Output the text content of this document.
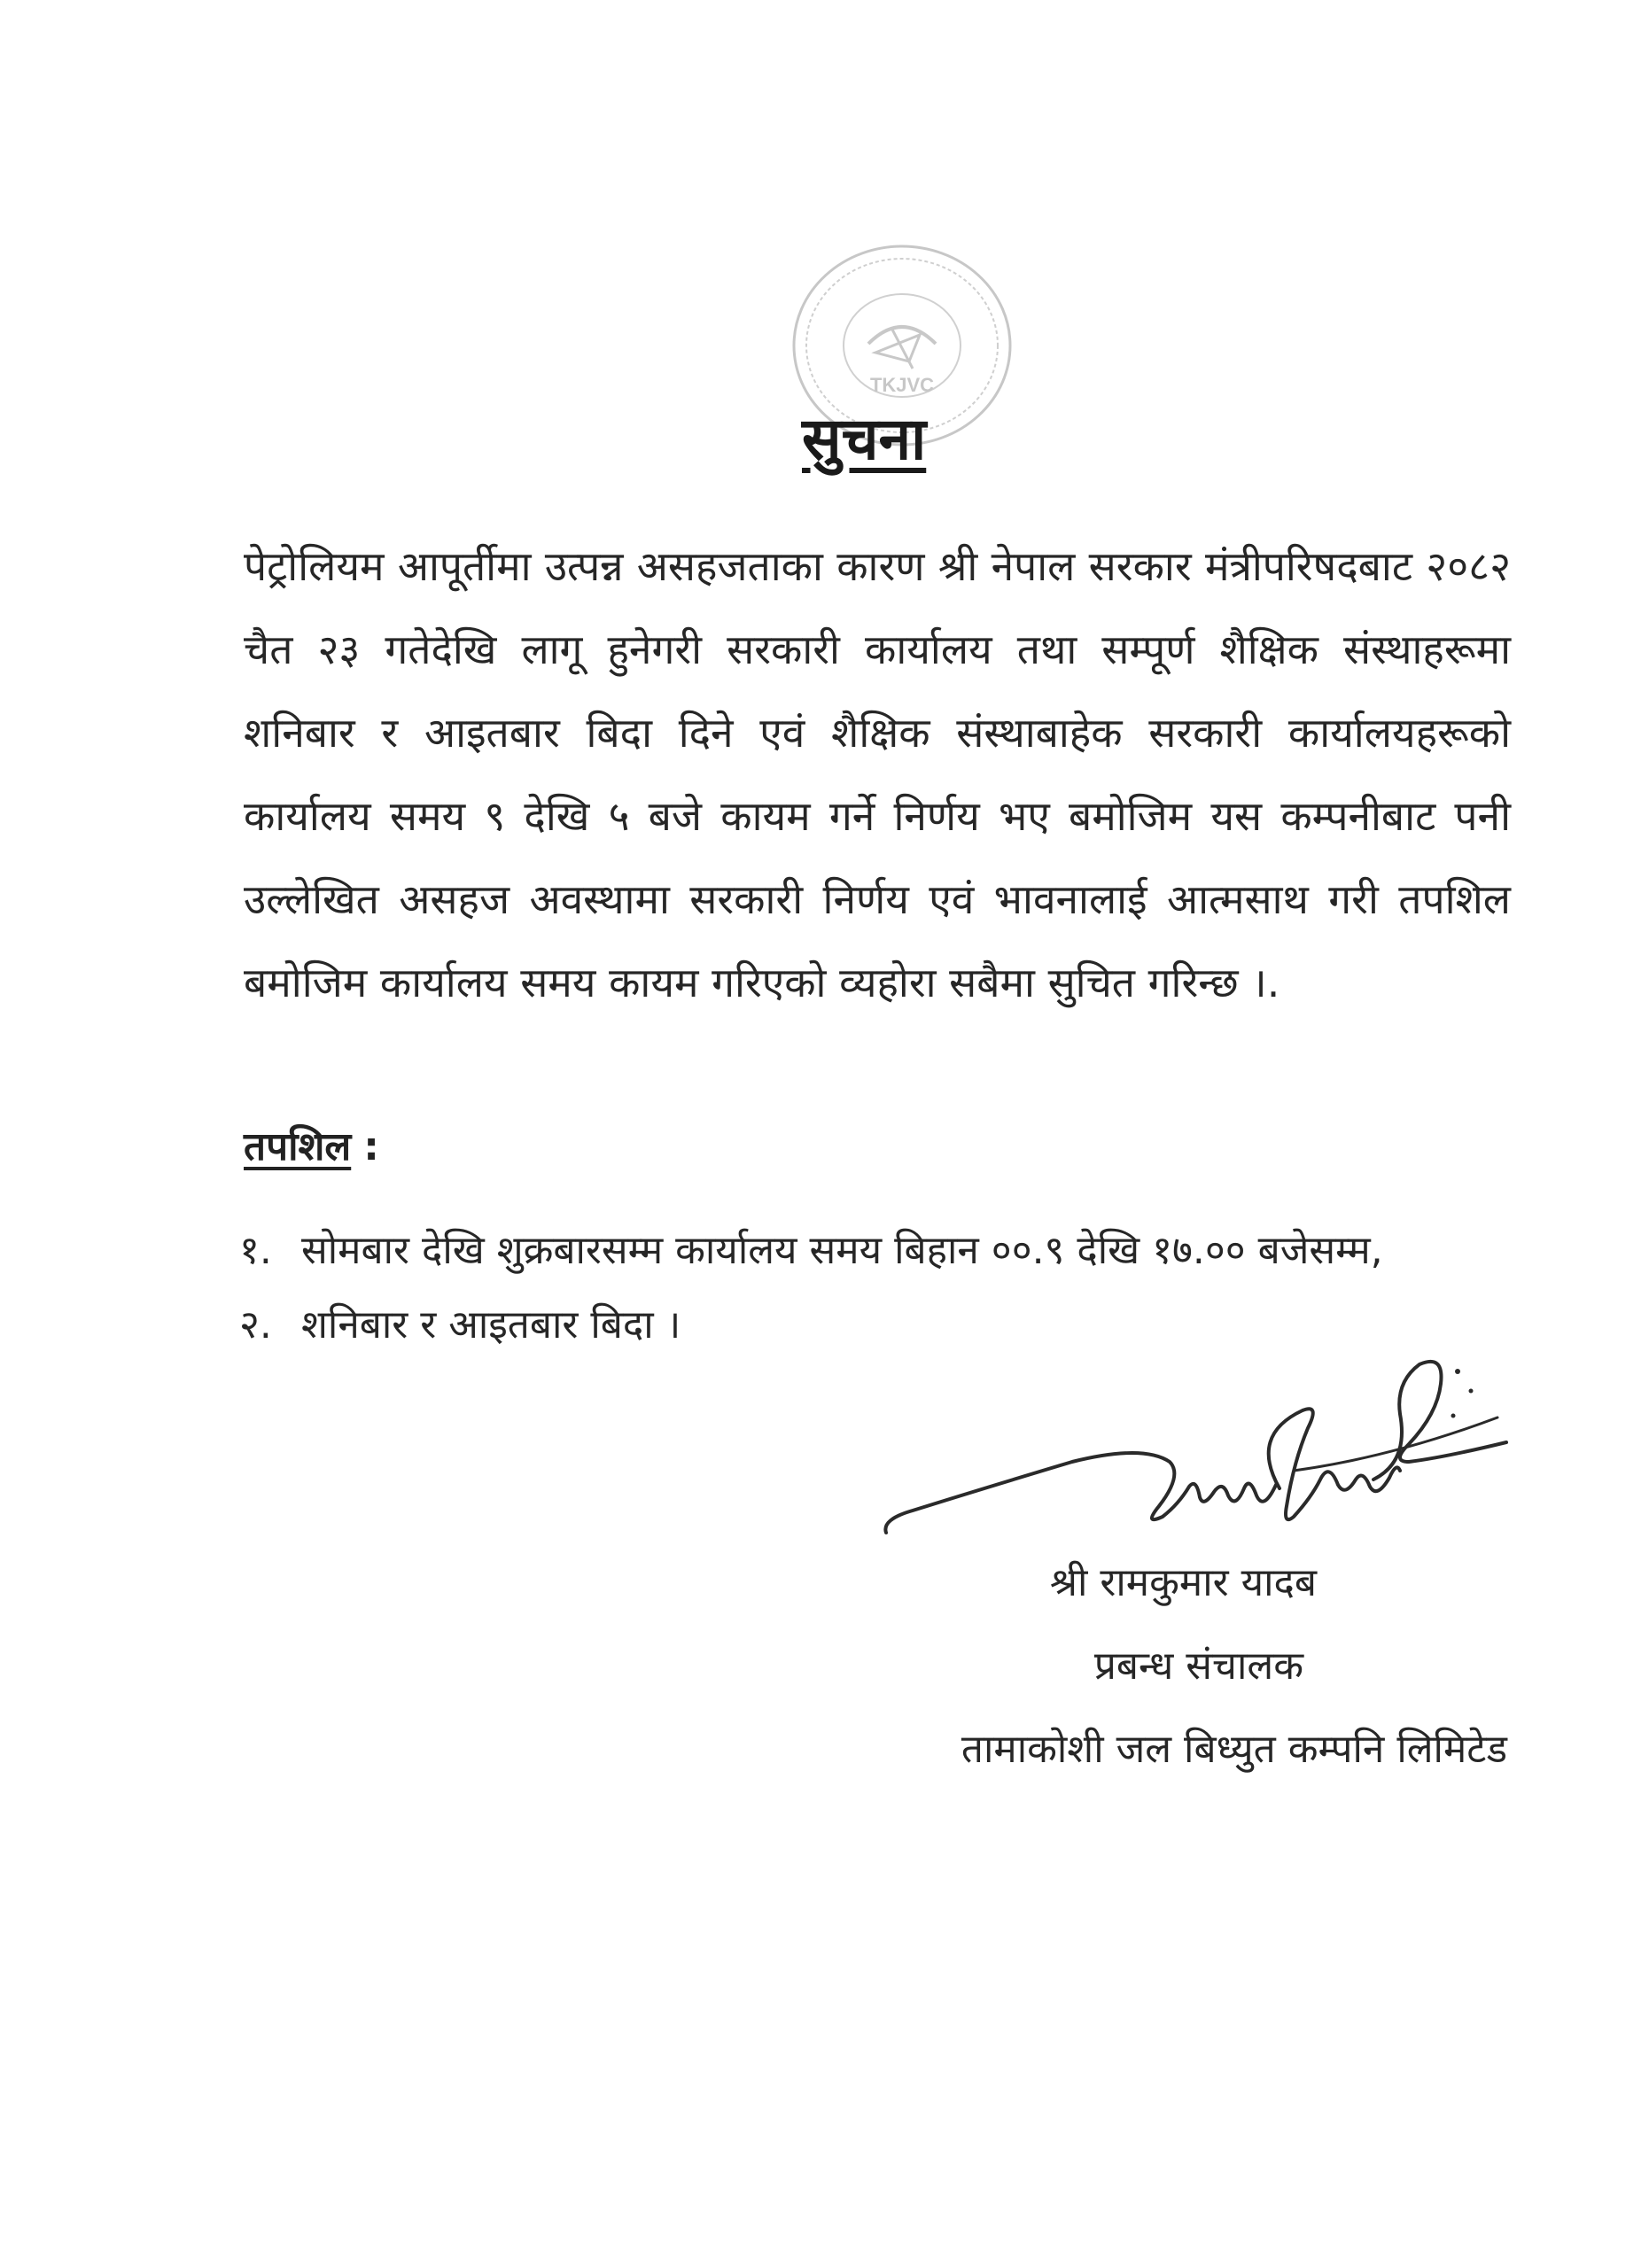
TKJVC
सुचना
पेट्रोलियम आपूर्तीमा उत्पन्न असहजताका कारण श्री नेपाल सरकार मंत्रीपरिषदबाट २०८२ चैत २३ गतेदेखि लागू हुनेगरी सरकारी कार्यालय तथा सम्पूर्ण शैक्षिक संस्थाहरूमा शनिबार र आइतबार बिदा दिने एवं शैक्षिक संस्थाबाहेक सरकारी कार्यालयहरूको कार्यालय समय ९ देखि ५ बजे कायम गर्ने निर्णय भए बमोजिम यस कम्पनीबाट पनी उल्लेखित असहज अवस्थामा सरकारी निर्णय एवं भावनालाई आत्मसाथ गरी तपशिल बमोजिम कार्यालय समय कायम गरिएको व्यहोरा सबैमा सुचित गरिन्छ ।.
तपशिल :
१. सोमबार देखि शुक्रबारसम्म कार्यालय समय बिहान ००.९ देखि १७.०० बजेसम्म,
२. शनिबार र आइतबार बिदा ।
श्री रामकुमार यादब
प्रबन्ध संचालक
तामाकोशी जल बिध्युत कम्पनि लिमिटेड
